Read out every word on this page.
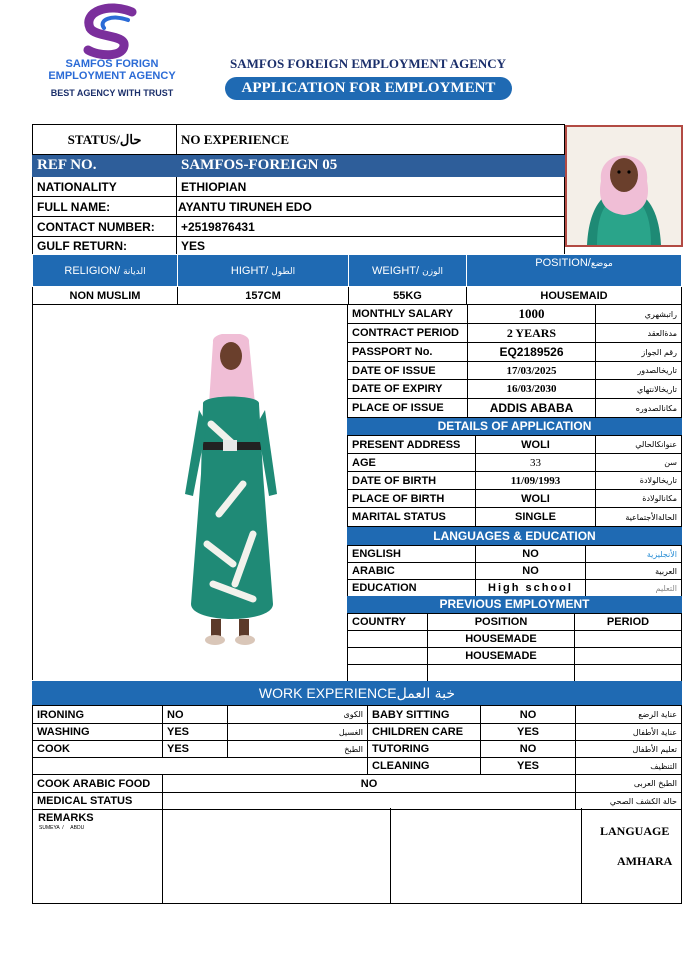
SAMFOS FORIGN
EMPLOYMENT AGENCY
BEST AGENCY WITH TRUST
SAMFOS FOREIGN EMPLOYMENT AGENCY
APPLICATION FOR EMPLOYMENT
STATUS/حال	NO EXPERIENCE
REF NO.	SAMFOS-FOREIGN 05
NATIONALITY	ETHIOPIAN
FULL NAME:	AYANTU TIRUNEH EDO
CONTACT NUMBER:	+2519876431
GULF RETURN:	YES
RELIGION/ الديانة	HIGHT/ الطول	WEIGHT/ الوزن	POSITION/موضع
NON MUSLIM	157CM	55KG	HOUSEMAID
MONTHLY SALARY	1000	راتبشهري
CONTRACT PERIOD	2 YEARS	مدةالعقد
PASSPORT No.	EQ2189526	رقم الجواز
DATE OF ISSUE	17/03/2025	تاريخالصدور
DATE OF EXPIRY	16/03/2030	تاريخالانتهاي
PLACE OF ISSUE	ADDIS ABABA	مكانالصدوره
DETAILS OF APPLICATION
PRESENT ADDRESS	WOLI	عنوانكالحالي
AGE	33	سن
DATE OF BIRTH	11/09/1993	تاريخالولادة
PLACE OF BIRTH	WOLI	مكانالولادة
MARITAL STATUS	SINGLE	الحالةالأجتماعية
LANGUAGES & EDUCATION
ENGLISH	NO	الأنجليزية
ARABIC	NO	العربية
EDUCATION	High school	التعليم
PREVIOUS EMPLOYMENT
COUNTRY	POSITION	PERIOD
	HOUSEMADE	
	HOUSEMADE	

WORK EXPERIENCEخبة العمل
IRONING	NO	الكوى	BABY SITTING	NO	عناية الرضع
WASHING	YES	الغسيل	CHILDREN CARE	YES	عناية الأطفال
COOK	YES	الطبخ	TUTORING	NO	تعليم الأطفال
			CLEANING	YES	التنظيف
COOK ARABIC FOOD	NO				الطبخ العربى
MEDICAL STATUS					حالة الكشف الصحي
REMARKS
SUMEYA  /     ABDU	LANGUAGE
AMHARA
